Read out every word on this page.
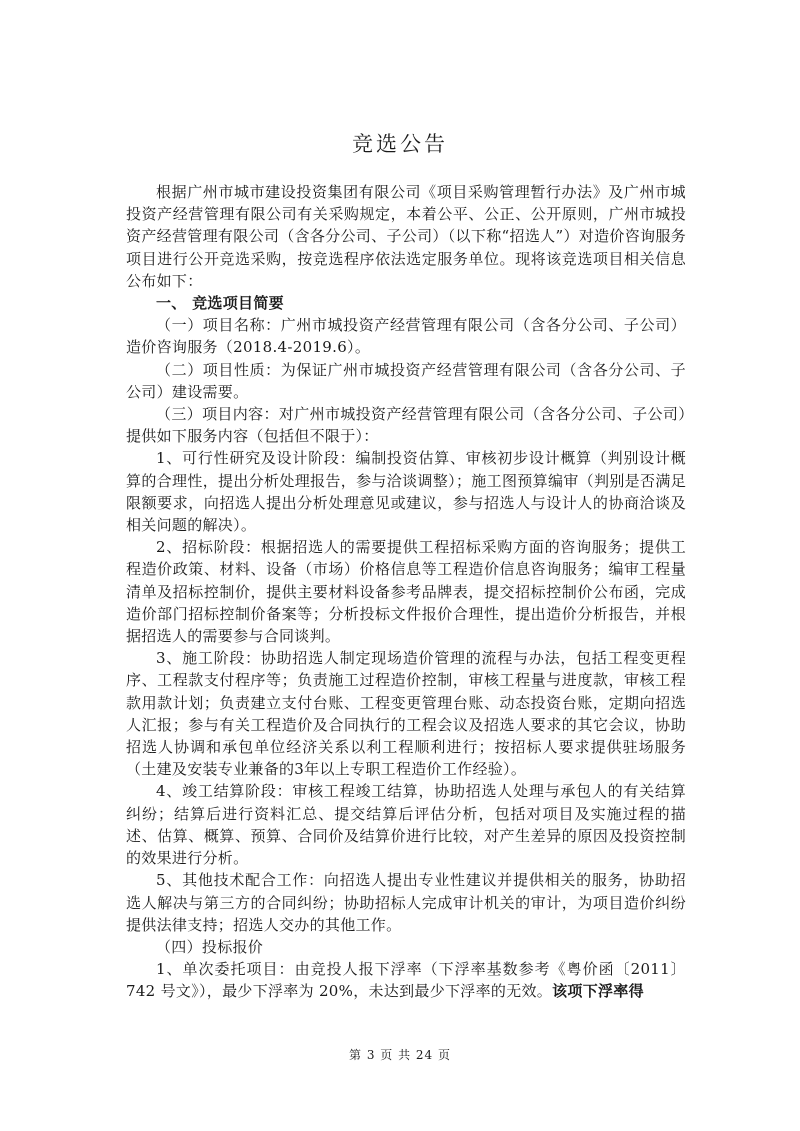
竞选公告

根据广州市城市建设投资集团有限公司《项目采购管理暂行办法》及广州市城投资产经营管理有限公司有关采购规定，本着公平、公正、公开原则，广州市城投资产经营管理有限公司（含各分公司、子公司）（以下称“招选人”）对造价咨询服务项目进行公开竞选采购，按竞选程序依法选定服务单位。现将该竞选项目相关信息公布如下：

一、 竞选项目简要

（一）项目名称：广州市城投资产经营管理有限公司（含各分公司、子公司）造价咨询服务（2018.4-2019.6）。

（二）项目性质：为保证广州市城投资产经营管理有限公司（含各分公司、子公司）建设需要。

（三）项目内容：对广州市城投资产经营管理有限公司（含各分公司、子公司）提供如下服务内容（包括但不限于）：

1、可行性研究及设计阶段：编制投资估算、审核初步设计概算（判别设计概算的合理性，提出分析处理报告，参与洽谈调整）；施工图预算编审（判别是否满足限额要求，向招选人提出分析处理意见或建议，参与招选人与设计人的协商洽谈及相关问题的解决）。

2、招标阶段：根据招选人的需要提供工程招标采购方面的咨询服务；提供工程造价政策、材料、设备（市场）价格信息等工程造价信息咨询服务；编审工程量清单及招标控制价，提供主要材料设备参考品牌表，提交招标控制价公布函，完成造价部门招标控制价备案等；分析投标文件报价合理性，提出造价分析报告，并根据招选人的需要参与合同谈判。

3、施工阶段：协助招选人制定现场造价管理的流程与办法，包括工程变更程序、工程款支付程序等；负责施工过程造价控制，审核工程量与进度款，审核工程款用款计划；负责建立支付台账、工程变更管理台账、动态投资台账，定期向招选人汇报；参与有关工程造价及合同执行的工程会议及招选人要求的其它会议，协助招选人协调和承包单位经济关系以利工程顺利进行；按招标人要求提供驻场服务（土建及安装专业兼备的3年以上专职工程造价工作经验）。

4、竣工结算阶段：审核工程竣工结算，协助招选人处理与承包人的有关结算纠纷；结算后进行资料汇总、提交结算后评估分析，包括对项目及实施过程的描述、估算、概算、预算、合同价及结算价进行比较，对产生差异的原因及投资控制的效果进行分析。

5、其他技术配合工作：向招选人提出专业性建议并提供相关的服务，协助招选人解决与第三方的合同纠纷；协助招标人完成审计机关的审计，为项目造价纠纷提供法律支持；招选人交办的其他工作。

（四）投标报价

1、单次委托项目：由竞投人报下浮率（下浮率基数参考《粤价函〔2011〕742 号文》），最少下浮率为 20%，未达到最少下浮率的无效。该项下浮率得

第 3 页 共 24 页
